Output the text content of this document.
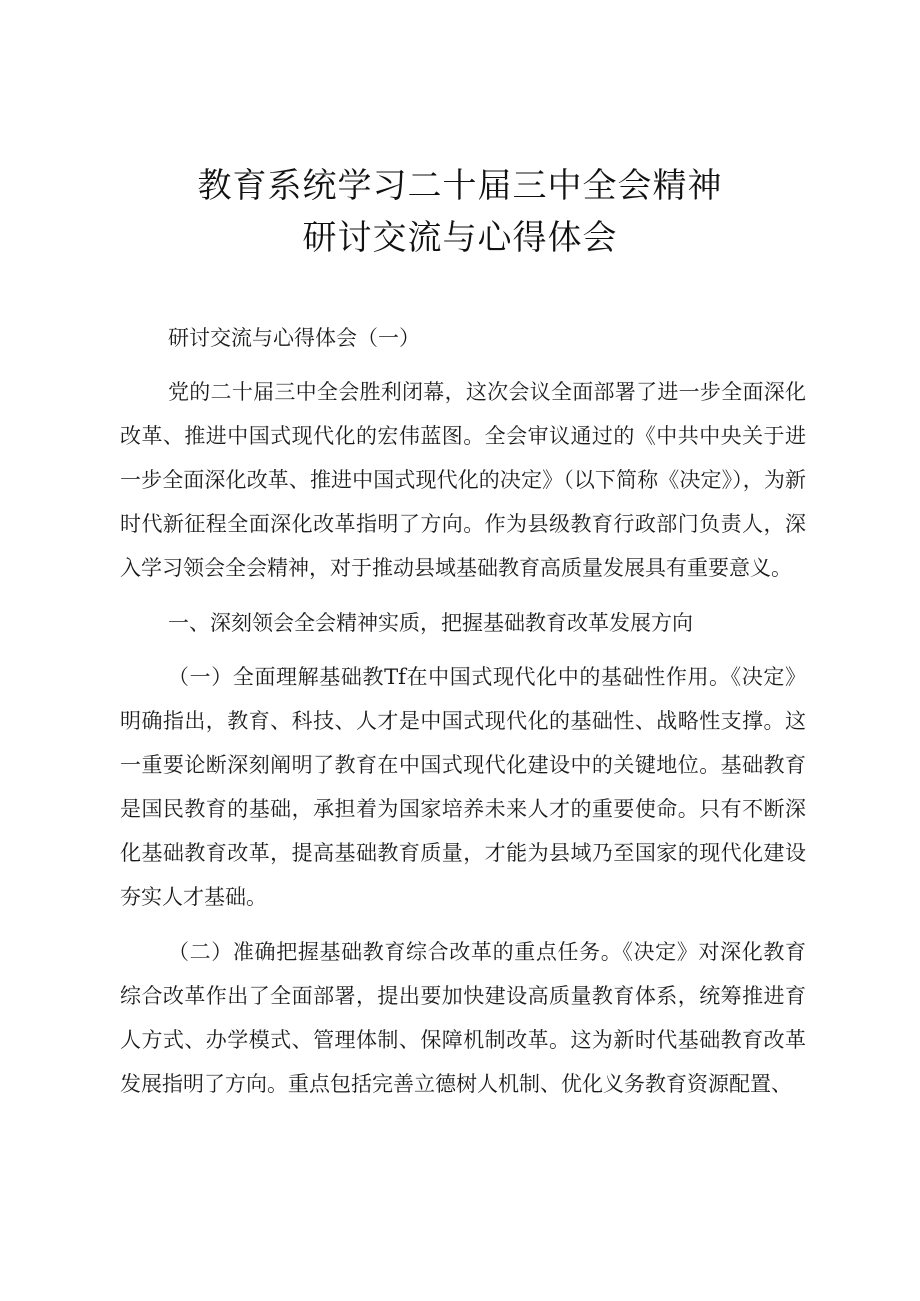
教育系统学习二十届三中全会精神
研讨交流与心得体会

研讨交流与心得体会（一）

党的二十届三中全会胜利闭幕，这次会议全面部署了进一步全面深化改革、推进中国式现代化的宏伟蓝图。全会审议通过的《中共中央关于进一步全面深化改革、推进中国式现代化的决定》（以下简称《决定》），为新时代新征程全面深化改革指明了方向。作为县级教育行政部门负责人，深入学习领会全会精神，对于推动县域基础教育高质量发展具有重要意义。

一、深刻领会全会精神实质，把握基础教育改革发展方向

（一）全面理解基础教Tf在中国式现代化中的基础性作用。《决定》明确指出，教育、科技、人才是中国式现代化的基础性、战略性支撑。这一重要论断深刻阐明了教育在中国式现代化建设中的关键地位。基础教育是国民教育的基础，承担着为国家培养未来人才的重要使命。只有不断深化基础教育改革，提高基础教育质量，才能为县域乃至国家的现代化建设夯实人才基础。

（二）准确把握基础教育综合改革的重点任务。《决定》对深化教育综合改革作出了全面部署，提出要加快建设高质量教育体系，统筹推进育人方式、办学模式、管理体制、保障机制改革。这为新时代基础教育改革发展指明了方向。重点包括完善立德树人机制、优化义务教育资源配置、
